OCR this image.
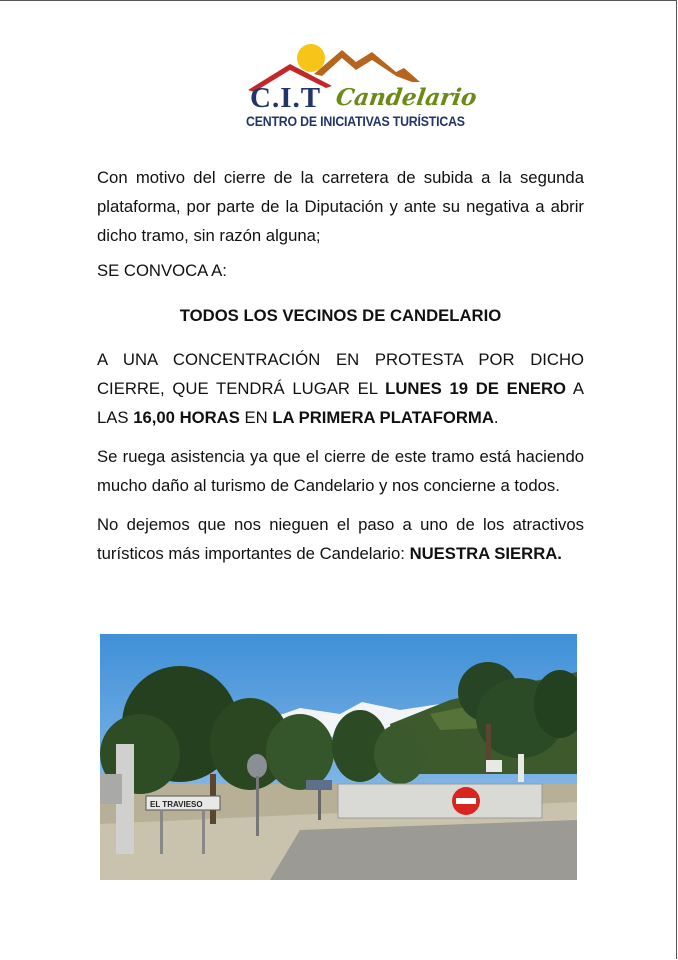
C.I.T Candelario
CENTRO DE INICIATIVAS TURÍSTICAS

Con motivo del cierre de la carretera de subida a la segunda plataforma, por parte de la Diputación y ante su negativa a abrir dicho tramo, sin razón alguna;

SE CONVOCA A:

TODOS LOS VECINOS DE CANDELARIO

A UNA CONCENTRACIÓN EN PROTESTA POR DICHO CIERRE, QUE TENDRÁ LUGAR EL LUNES 19 DE ENERO A LAS 16,00 HORAS EN LA PRIMERA PLATAFORMA.

Se ruega asistencia ya que el cierre de este tramo está haciendo mucho daño al turismo de Candelario y nos concierne a todos.

No dejemos que nos nieguen el paso a uno de los atractivos turísticos más importantes de Candelario: NUESTRA SIERRA.

EL TRAVIESO
